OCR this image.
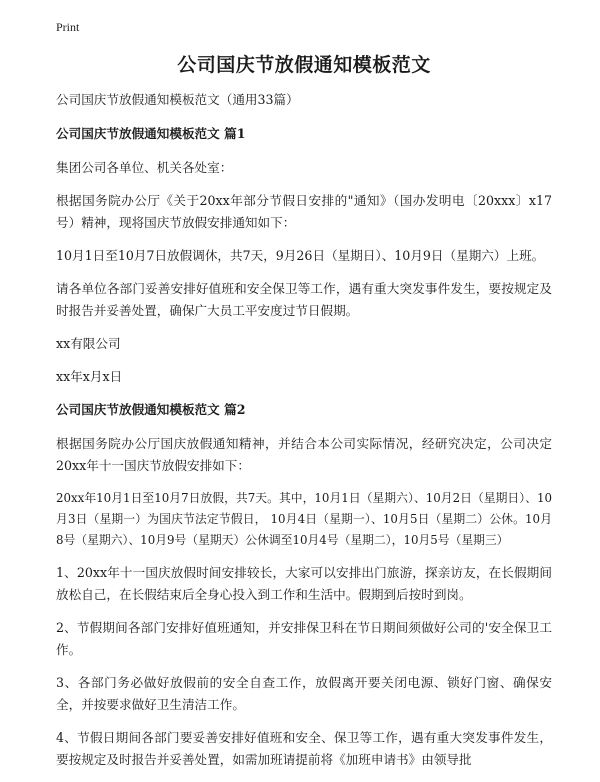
Print
公司国庆节放假通知模板范文
公司国庆节放假通知模板范文（通用33篇）
公司国庆节放假通知模板范文 篇1
集团公司各单位、机关各处室：
根据国务院办公厅《关于20xx年部分节假日安排的"通知》（国办发明电〔20xxx〕x17号）精神，现将国庆节放假安排通知如下：
10月1日至10月7日放假调休，共7天，9月26日（星期日）、10月9日（星期六）上班。
请各单位各部门妥善安排好值班和安全保卫等工作，遇有重大突发事件发生，要按规定及时报告并妥善处置，确保广大员工平安度过节日假期。
xx有限公司
xx年x月x日
公司国庆节放假通知模板范文 篇2
根据国务院办公厅国庆放假通知精神，并结合本公司实际情况，经研究决定，公司决定20xx年十一国庆节放假安排如下：
20xx年10月1日至10月7日放假，共7天。其中，10月1日（星期六）、10月2日（星期日）、10月3日（星期一）为国庆节法定节假日， 10月4日（星期一）、10月5日（星期二）公休。10月8号（星期六）、10月9号（星期天）公休调至10月4号（星期二），10月5号（星期三）
1、20xx年十一国庆放假时间安排较长，大家可以安排出门旅游，探亲访友，在长假期间放松自己，在长假结束后全身心投入到工作和生活中。假期到后按时到岗。
2、节假期间各部门安排好值班通知，并安排保卫科在节日期间须做好公司的'安全保卫工作。
3、各部门务必做好放假前的安全自查工作，放假离开要关闭电源、锁好门窗、确保安全，并按要求做好卫生清洁工作。
4、节假日期间各部门要妥善安排好值班和安全、保卫等工作，遇有重大突发事件发生，要按规定及时报告并妥善处置，如需加班请提前将《加班申请书》由领导批
